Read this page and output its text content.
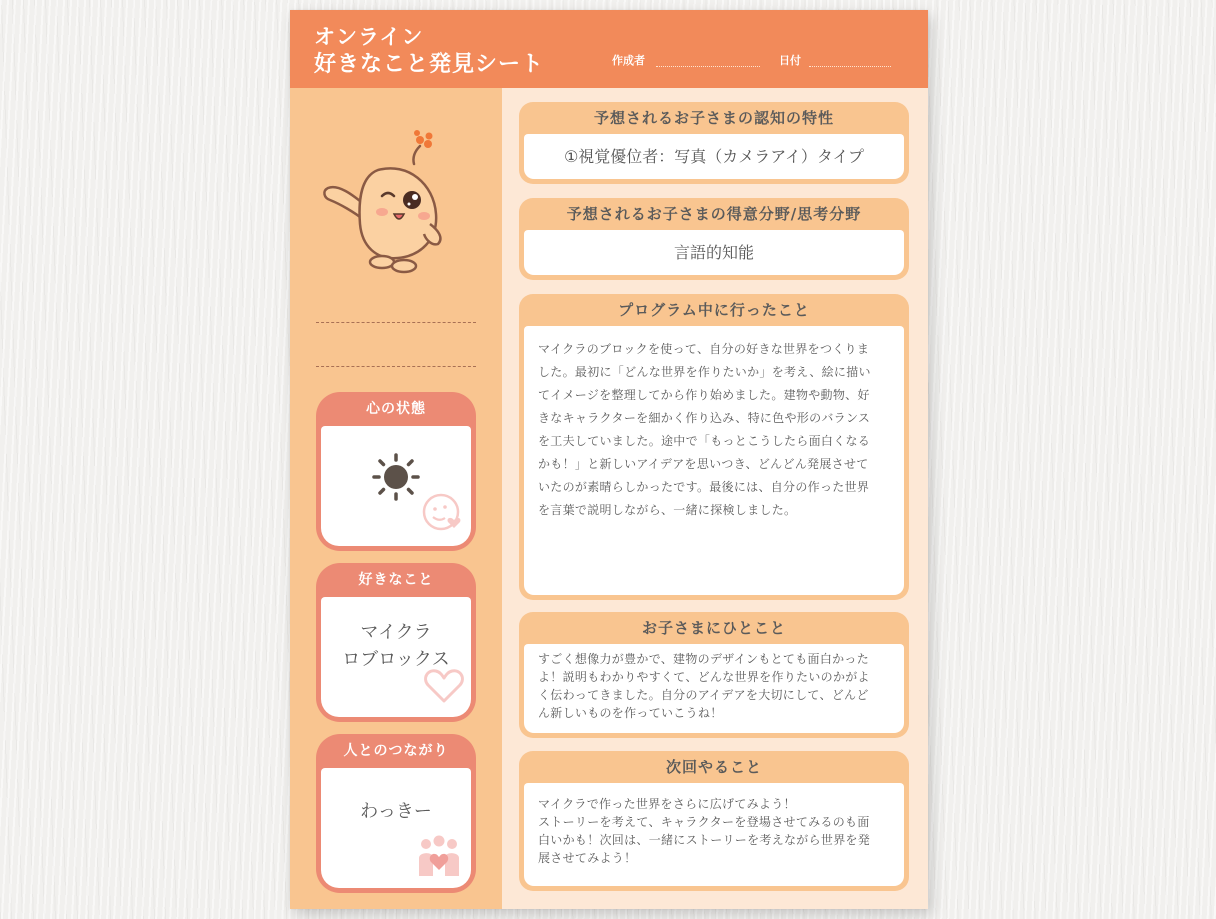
オンライン
好きなこと発見シート	作成者	日付
心の状態
好きなこと
マイクラ
ロブロックス
人とのつながり
わっきー
予想されるお子さまの認知の特性
①視覚優位者：写真（カメラアイ）タイプ
予想されるお子さまの得意分野/思考分野
言語的知能
プログラム中に行ったこと
マイクラのブロックを使って、自分の好きな世界をつくりま
した。最初に「どんな世界を作りたいか」を考え、絵に描い
てイメージを整理してから作り始めました。建物や動物、好
きなキャラクターを細かく作り込み、特に色や形のバランス
を工夫していました。途中で「もっとこうしたら面白くなる
かも！」と新しいアイデアを思いつき、どんどん発展させて
いたのが素晴らしかったです。最後には、自分の作った世界
を言葉で説明しながら、一緒に探検しました。
お子さまにひとこと
すごく想像力が豊かで、建物のデザインもとても面白かった
よ！説明もわかりやすくて、どんな世界を作りたいのかがよ
く伝わってきました。自分のアイデアを大切にして、どんど
ん新しいものを作っていこうね！
次回やること
マイクラで作った世界をさらに広げてみよう！
ストーリーを考えて、キャラクターを登場させてみるのも面
白いかも！次回は、一緒にストーリーを考えながら世界を発
展させてみよう！
